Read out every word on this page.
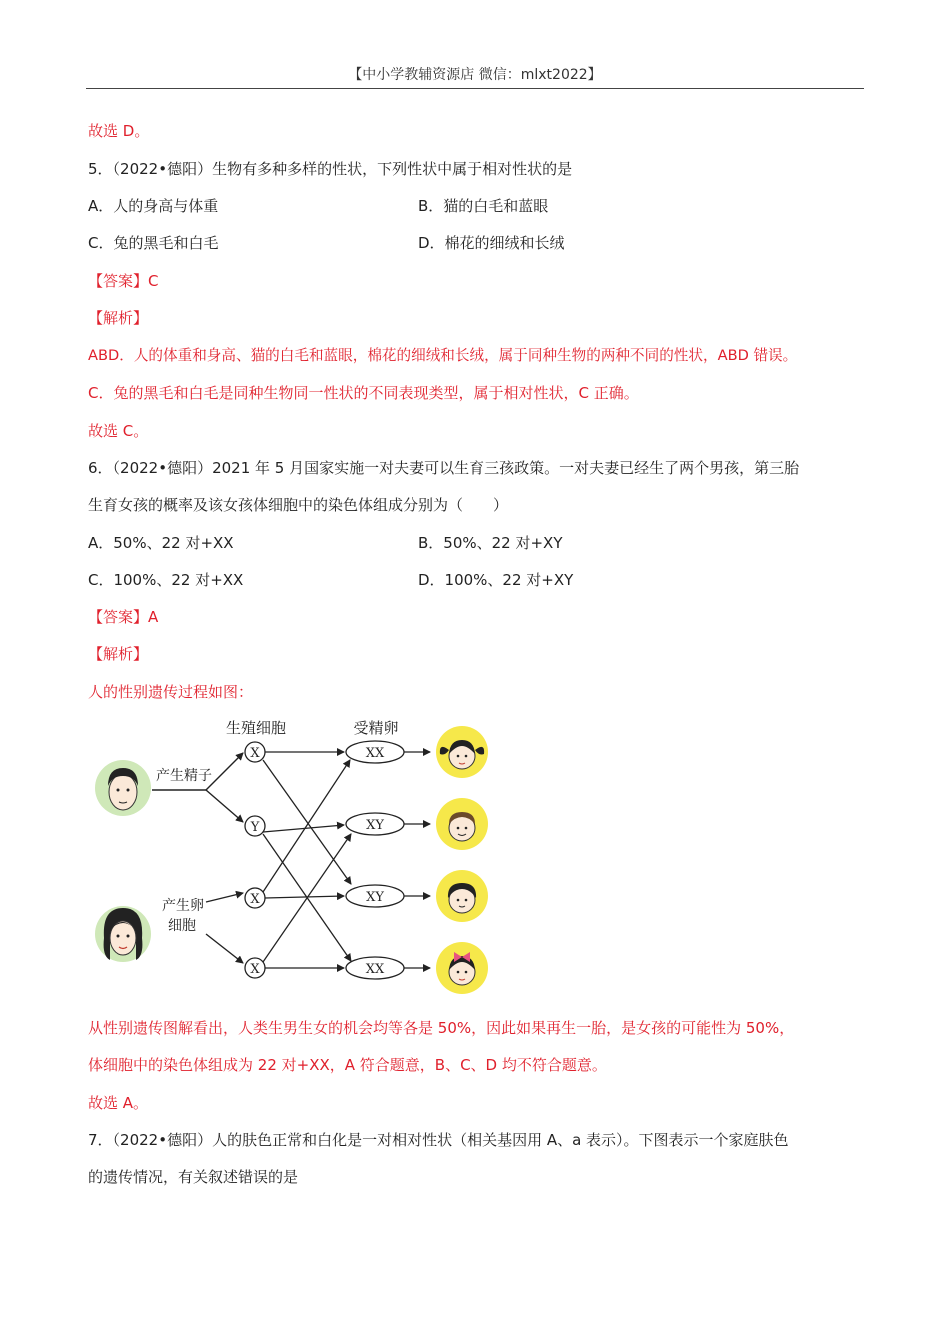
【中小学教辅资源店 微信：mlxt2022】
故选 D。
5．（2022•德阳）生物有多种多样的性状，下列性状中属于相对性状的是
A．人的身高与体重	B．猫的白毛和蓝眼
C．兔的黑毛和白毛	D．棉花的细绒和长绒
【答案】C
【解析】
ABD．人的体重和身高、猫的白毛和蓝眼，棉花的细绒和长绒，属于同种生物的两种不同的性状，ABD 错误。
C．兔的黑毛和白毛是同种生物同一性状的不同表现类型，属于相对性状，C 正确。
故选 C。
6．（2022•德阳）2021 年 5 月国家实施一对夫妻可以生育三孩政策。一对夫妻已经生了两个男孩，第三胎
生育女孩的概率及该女孩体细胞中的染色体组成分别为（　　）
A．50%、22 对+XX	B．50%、22 对+XY
C．100%、22 对+XX	D．100%、22 对+XY
【答案】A
【解析】
人的性别遗传过程如图：
生殖细胞	受精卵
产生精子
产生卵
细胞
X
Y
X
X
XX
XY
XY
XX
从性别遗传图解看出，人类生男生女的机会均等各是 50%，因此如果再生一胎，是女孩的可能性为 50%，
体细胞中的染色体组成为 22 对+XX，A 符合题意，B、C、D 均不符合题意。
故选 A。
7．（2022•德阳）人的肤色正常和白化是一对相对性状（相关基因用 A、a 表示）。下图表示一个家庭肤色
的遗传情况，有关叙述错误的是
